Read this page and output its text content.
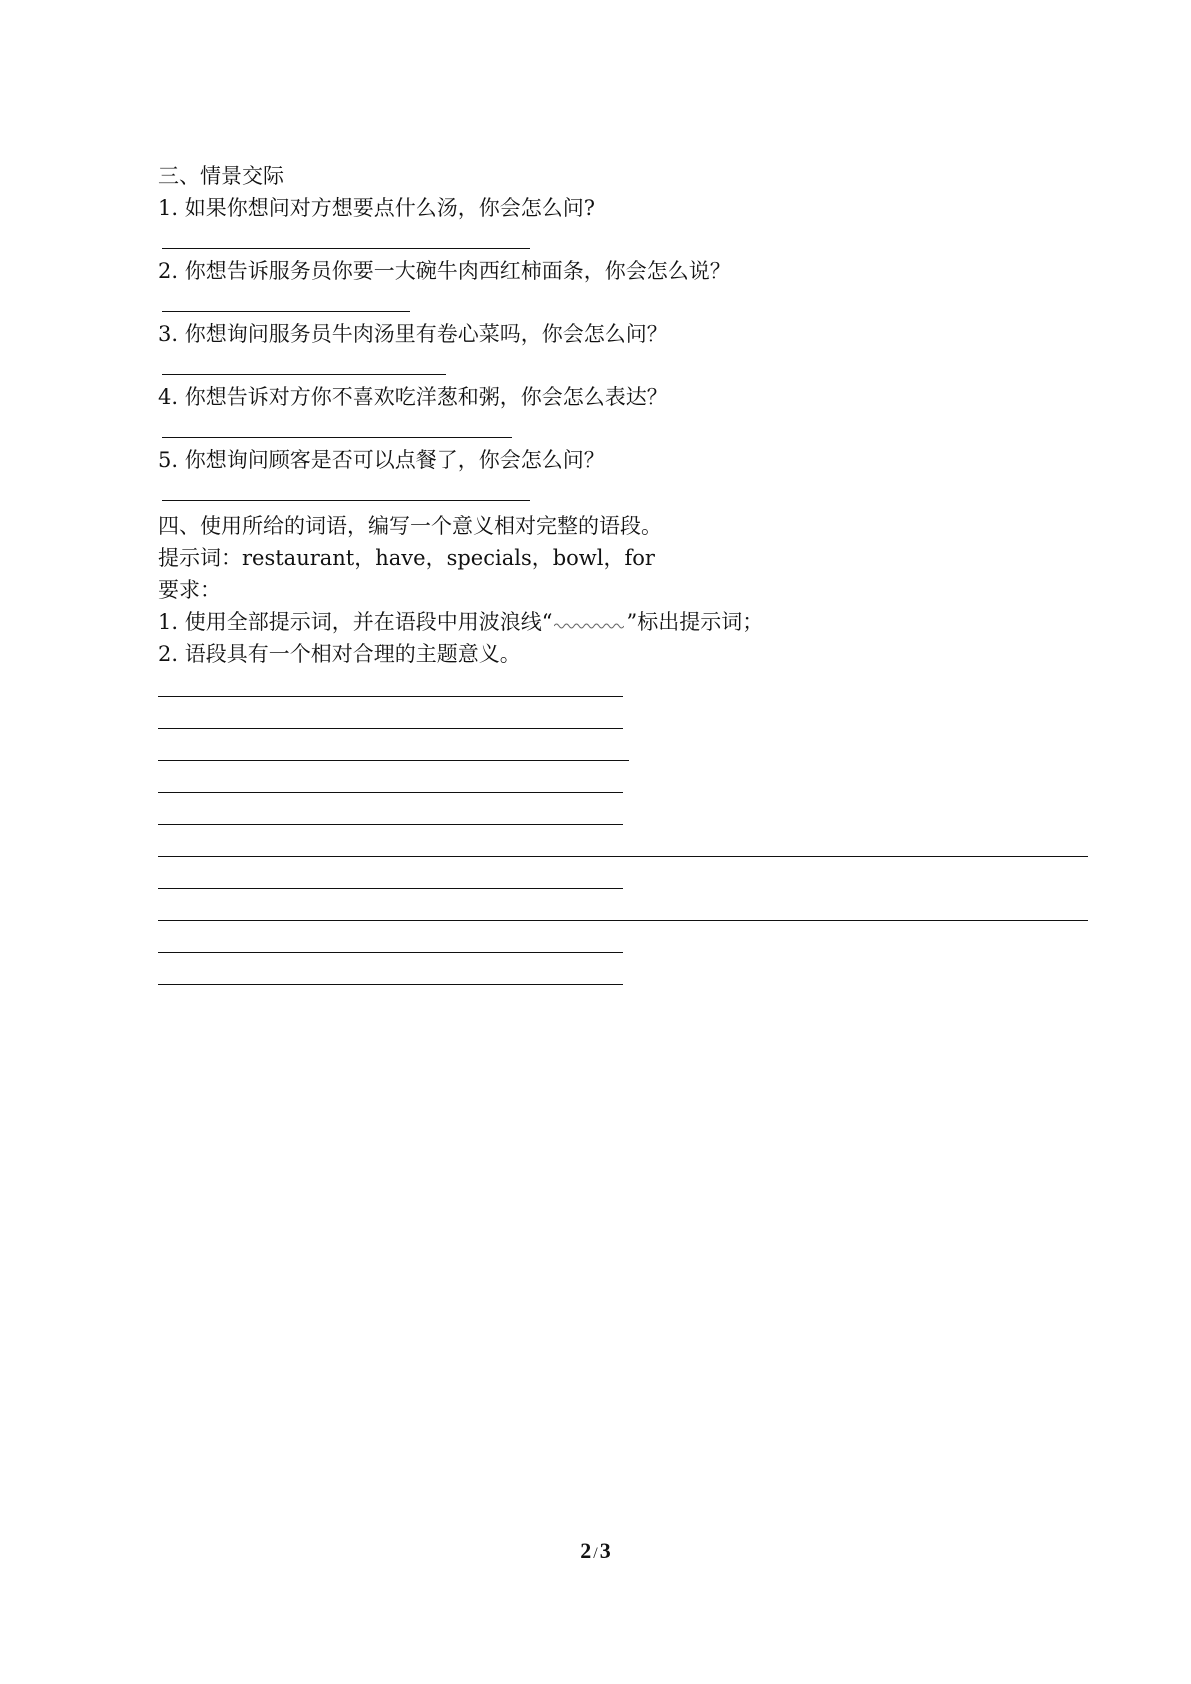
三、情景交际
1. 如果你想问对方想要点什么汤，你会怎么问?
2. 你想告诉服务员你要一大碗牛肉西红柿面条，你会怎么说？
3. 你想询问服务员牛肉汤里有卷心菜吗，你会怎么问？
4. 你想告诉对方你不喜欢吃洋葱和粥，你会怎么表达？
5. 你想询问顾客是否可以点餐了，你会怎么问？
四、使用所给的词语，编写一个意义相对完整的语段。
提示词：restaurant，have，specials，bowl，for
要求：
1. 使用全部提示词，并在语段中用波浪线“	”标出提示词；
2. 语段具有一个相对合理的主题意义。
2 /3
